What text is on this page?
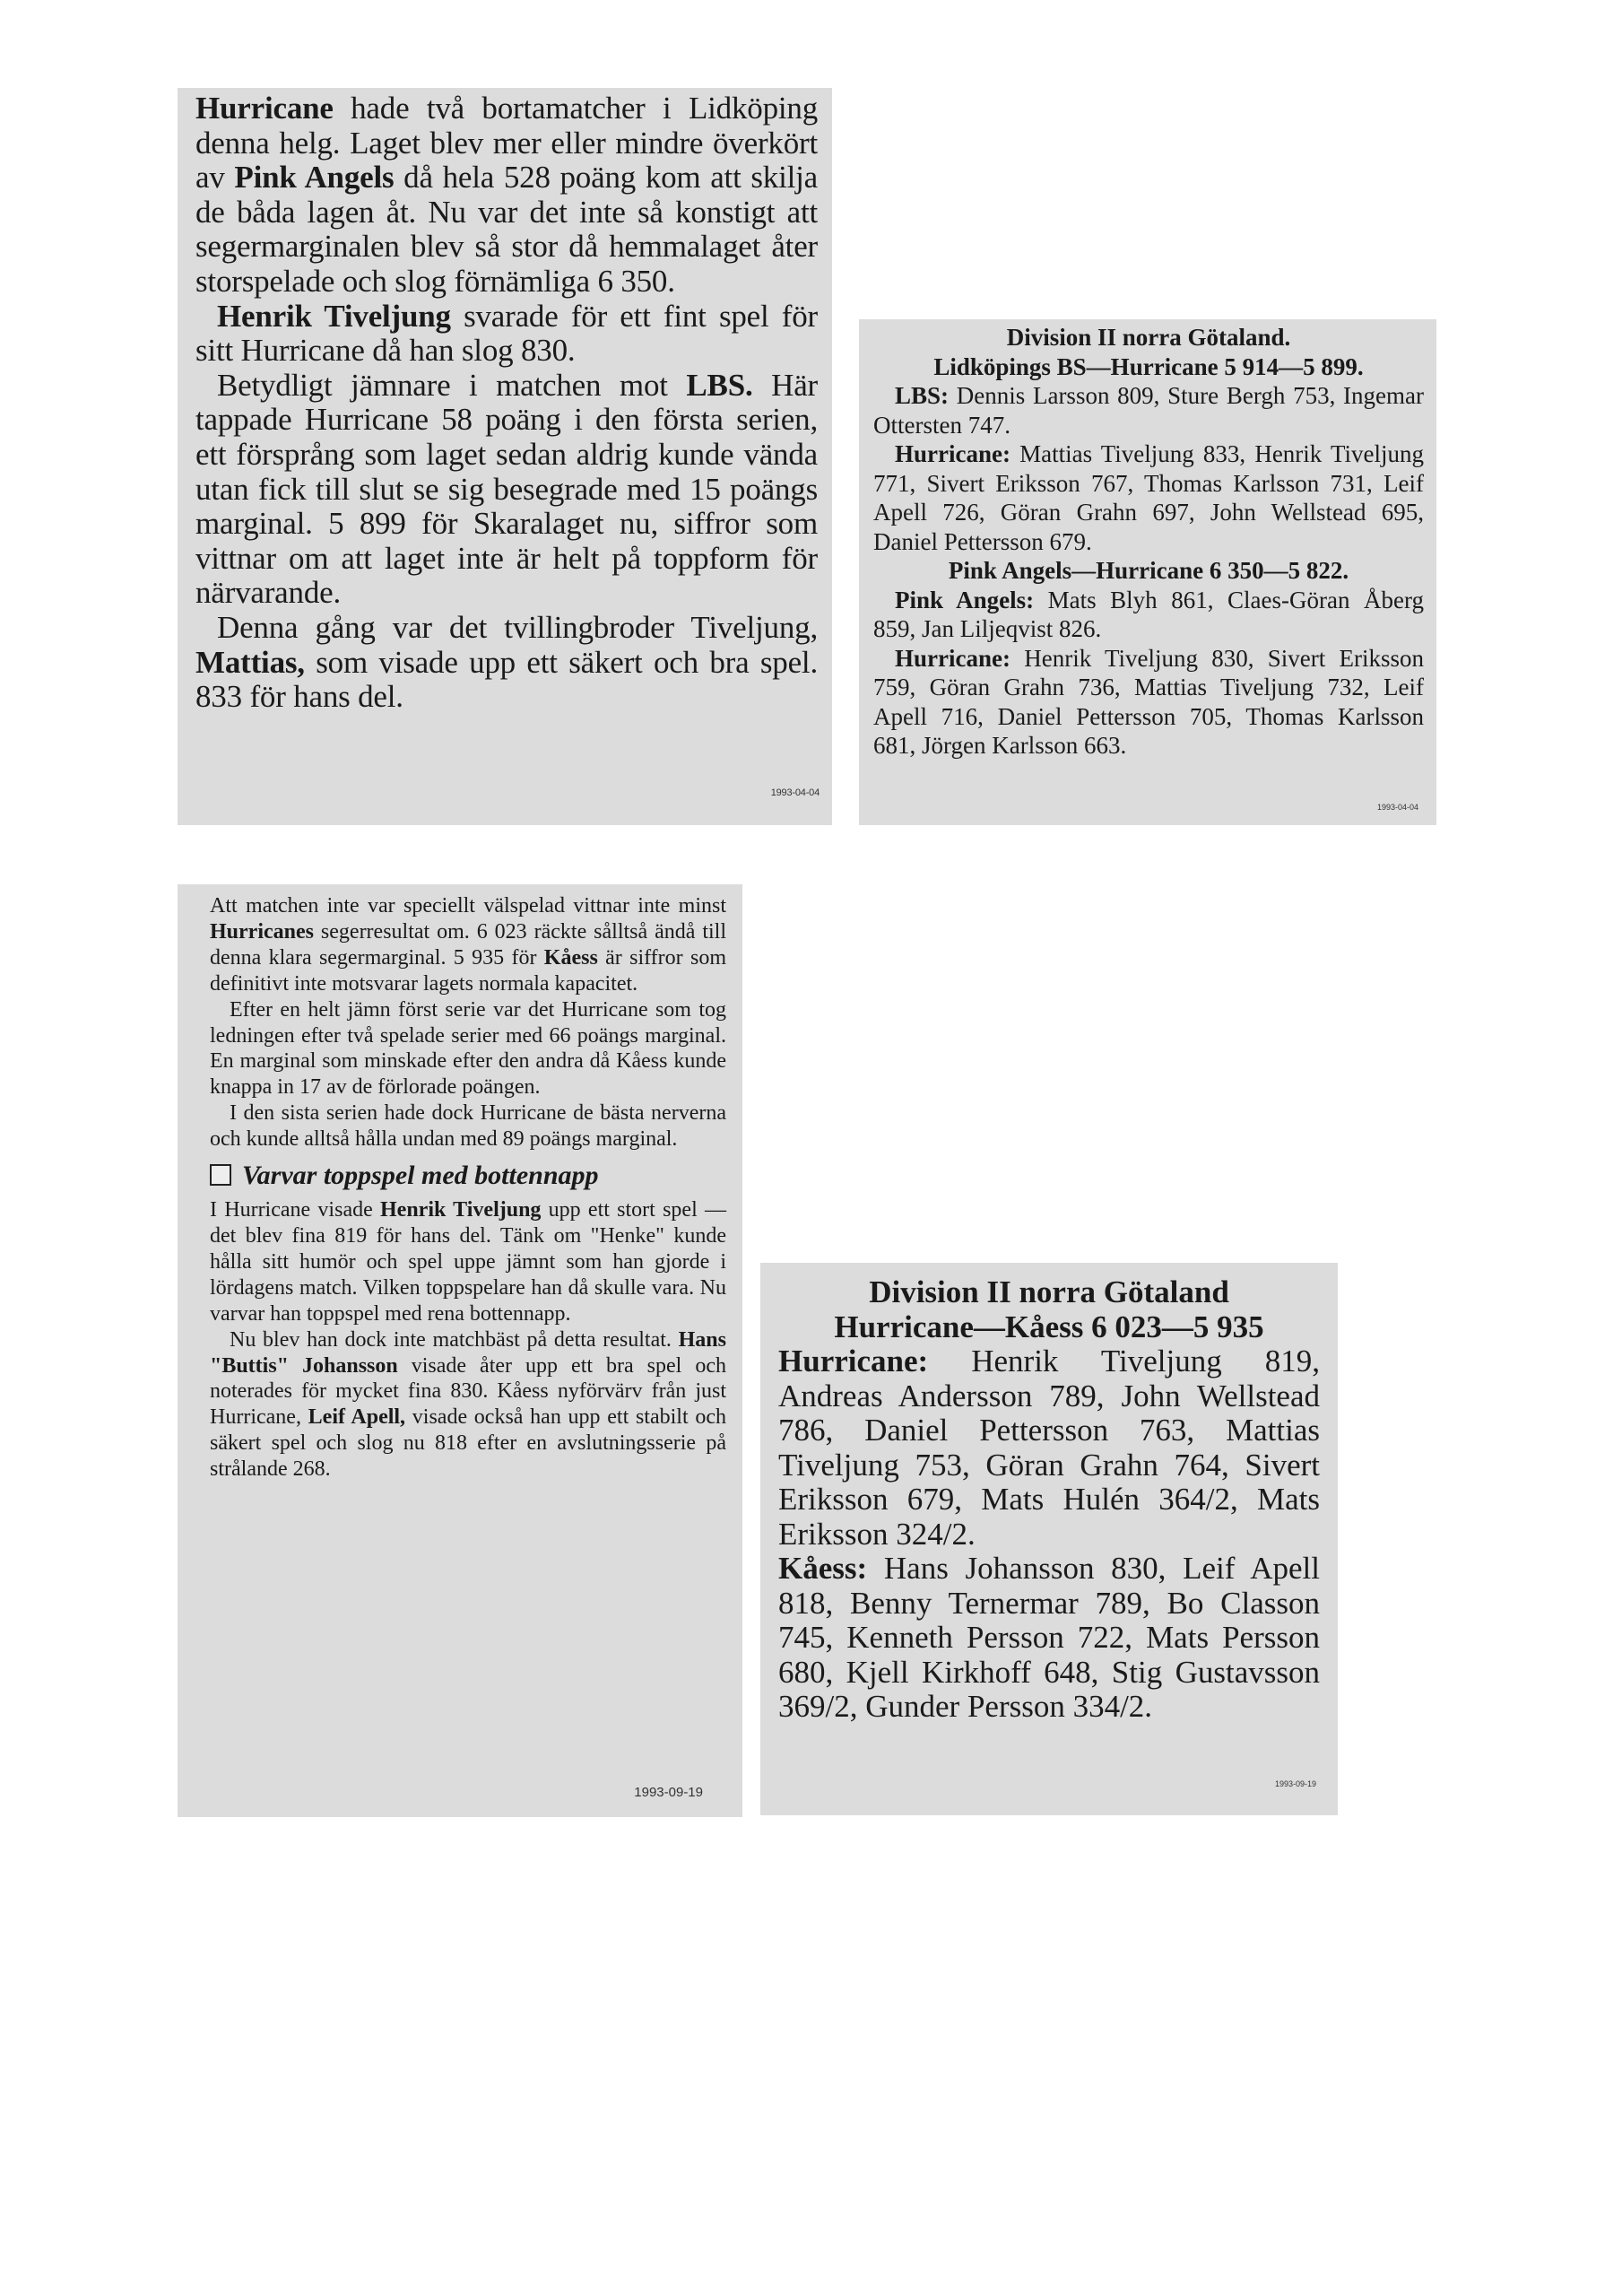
Hurricane hade två bortamatcher i Lidköping denna helg. Laget blev mer eller mindre överkört av Pink Angels då hela 528 poäng kom att skilja de båda lagen åt. Nu var det inte så konstigt att segermarginalen blev så stor då hemmalaget åter storspelade och slog förnämliga 6 350.

Henrik Tiveljung svarade för ett fint spel för sitt Hurricane då han slog 830.

Betydligt jämnare i matchen mot LBS. Här tappade Hurricane 58 poäng i den första serien, ett försprång som laget sedan aldrig kunde vända utan fick till slut se sig besegrade med 15 poängs marginal. 5 899 för Skaralaget nu, siffror som vittnar om att laget inte är helt på toppform för närvarande.

Denna gång var det tvillingbroder Tiveljung, Mattias, som visade upp ett säkert och bra spel. 833 för hans del.

1993-04-04

Division II norra Götaland.

Lidköpings BS—Hurricane 5 914—5 899.

LBS: Dennis Larsson 809, Sture Bergh 753, Ingemar Ottersten 747.

Hurricane: Mattias Tiveljung 833, Henrik Tiveljung 771, Sivert Eriksson 767, Thomas Karlsson 731, Leif Apell 726, Göran Grahn 697, John Wellstead 695, Daniel Pettersson 679.

Pink Angels—Hurricane 6 350—5 822.

Pink Angels: Mats Blyh 861, Claes-Göran Åberg 859, Jan Liljeqvist 826.

Hurricane: Henrik Tiveljung 830, Sivert Eriksson 759, Göran Grahn 736, Mattias Tiveljung 732, Leif Apell 716, Daniel Pettersson 705, Thomas Karlsson 681, Jörgen Karlsson 663.

1993-04-04

Att matchen inte var speciellt välspelad vittnar inte minst Hurricanes segerresultat om. 6 023 räckte sålltså ändå till denna klara segermarginal. 5 935 för Kåess är siffror som definitivt inte motsvarar lagets normala kapacitet.

Efter en helt jämn först serie var det Hurricane som tog ledningen efter två spelade serier med 66 poängs marginal. En marginal som minskade efter den andra då Kåess kunde knappa in 17 av de förlorade poängen.

I den sista serien hade dock Hurricane de bästa nerverna och kunde alltså hålla undan med 89 poängs marginal.

Varvar toppspel med bottennapp

I Hurricane visade Henrik Tiveljung upp ett stort spel — det blev fina 819 för hans del. Tänk om "Henke" kunde hålla sitt humör och spel uppe jämnt som han gjorde i lördagens match. Vilken toppspelare han då skulle vara. Nu varvar han toppspel med rena bottennapp.

Nu blev han dock inte matchbäst på detta resultat. Hans "Buttis" Johansson visade åter upp ett bra spel och noterades för mycket fina 830. Kåess nyförvärv från just Hurricane, Leif Apell, visade också han upp ett stabilt och säkert spel och slog nu 818 efter en avslutningsserie på strålande 268.

1993-09-19

Division II norra Götaland

Hurricane—Kåess 6 023—5 935

Hurricane: Henrik Tiveljung 819, Andreas Andersson 789, John Wellstead 786, Daniel Pettersson 763, Mattias Tiveljung 753, Göran Grahn 764, Sivert Eriksson 679, Mats Hulén 364/2, Mats Eriksson 324/2.

Kåess: Hans Johansson 830, Leif Apell 818, Benny Ternermar 789, Bo Classon 745, Kenneth Persson 722, Mats Persson 680, Kjell Kirkhoff 648, Stig Gustavsson 369/2, Gunder Persson 334/2.

1993-09-19
